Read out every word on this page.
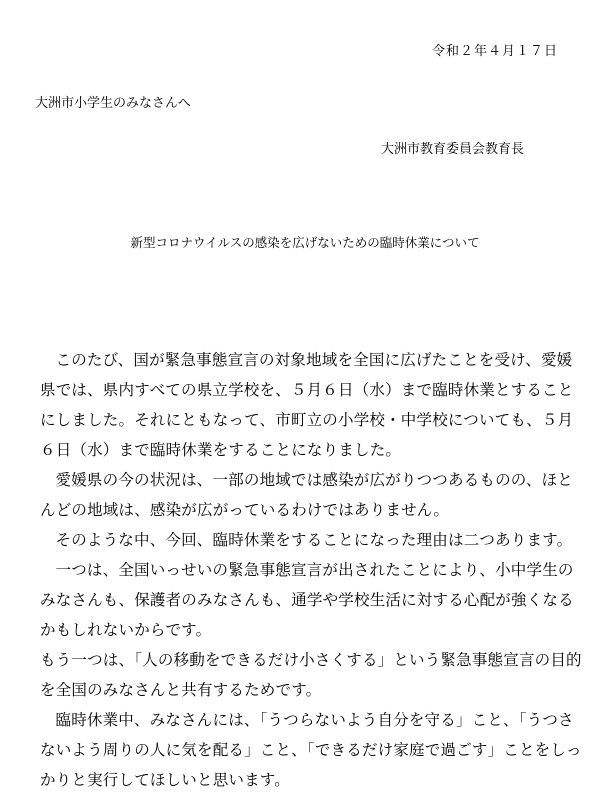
令和２年４月１７日
大洲市小学生のみなさんへ
大洲市教育委員会教育長
新型コロナウイルスの感染を広げないための臨時休業について

このたび、国が緊急事態宣言の対象地域を全国に広げたことを受け、愛媛県では、県内すべての県立学校を、５月６日（水）まで臨時休業とすることにしました。それにともなって、市町立の小学校・中学校についても、５月６日（水）まで臨時休業をすることになりました。

愛媛県の今の状況は、一部の地域では感染が広がりつつあるものの、ほとんどの地域は、感染が広がっているわけではありません。

そのような中、今回、臨時休業をすることになった理由は二つあります。

一つは、全国いっせいの緊急事態宣言が出されたことにより、小中学生のみなさんも、保護者のみなさんも、通学や学校生活に対する心配が強くなるかもしれないからです。

もう一つは、「人の移動をできるだけ小さくする」という緊急事態宣言の目的を全国のみなさんと共有するためです。

臨時休業中、みなさんには、「うつらないよう自分を守る」こと、「うつさないよう周りの人に気を配る」こと、「できるだけ家庭で過ごす」ことをしっかりと実行してほしいと思います。
